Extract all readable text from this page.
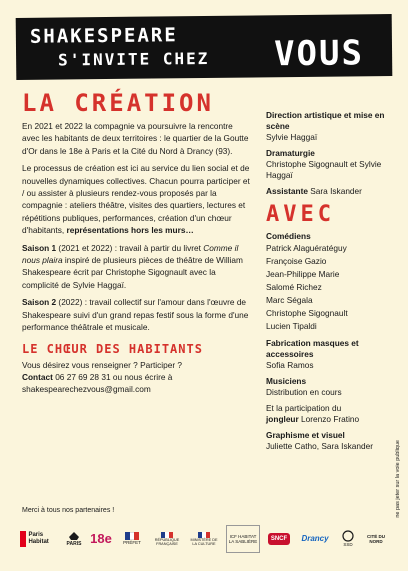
SHAKESPEARE
S'INVITE CHEZ VOUS
LA CRÉATION

En 2021 et 2022 la compagnie va poursuivre la rencontre avec les habitants de deux territoires : le quartier de la Goutte d'Or dans le 18e à Paris et la Cité du Nord à Drancy (93).

Le processus de création est ici au service du lien social et de nouvelles dynamiques collectives. Chacun pourra participer et / ou assister à plusieurs rendez-vous proposés par la compagnie : ateliers théâtre, visites des quartiers, lectures et répétitions publiques, performances, création d'un chœur d'habitants, représentations hors les murs…

Saison 1 (2021 et 2022) : travail à partir du livret Comme il nous plaira inspiré de plusieurs pièces de théâtre de William Shakespeare écrit par Christophe Sigognault avec la complicité de Sylvie Haggaï.

Saison 2 (2022) : travail collectif sur l'amour dans l'œuvre de Shakespeare suivi d'un grand repas festif sous la forme d'une performance théâtrale et musicale.

LE CHŒUR DES HABITANTS

Vous désirez vous renseigner ? Participer ?
Contact 06 27 69 28 31 ou nous écrire à
shakespearechezvous@gmail.com

Direction artistique et mise en scène
Sylvie Haggaï
Dramaturgie
Christophe Sigognault et Sylvie Haggaï
Assistante Sara Iskander
AVEC
Comédiens
Patrick Alaguératéguy
Françoise Gazio
Jean-Philippe Marie
Salomé Richez
Marc Ségala
Christophe Sigognault
Lucien Tipaldi
Fabrication masques et accessoires
Sofia Ramos
Musiciens
Distribution en cours
Et la participation du
jongleur Lorenzo Fratino
Graphisme et visuel
Juliette Catho, Sara Iskander
Merci à tous nos partenaires !
Paris Habitat	PARIS 18e	PRÉFET
RÉPUBLIQUE FRANÇAISE
MINISTÈRE DE LA CULTURE
ICF HABITAT LA SABLIÈRE	SNCF	Drancy
SSD
CITÉ DU NORD
ne pas jeter sur la voie publique
